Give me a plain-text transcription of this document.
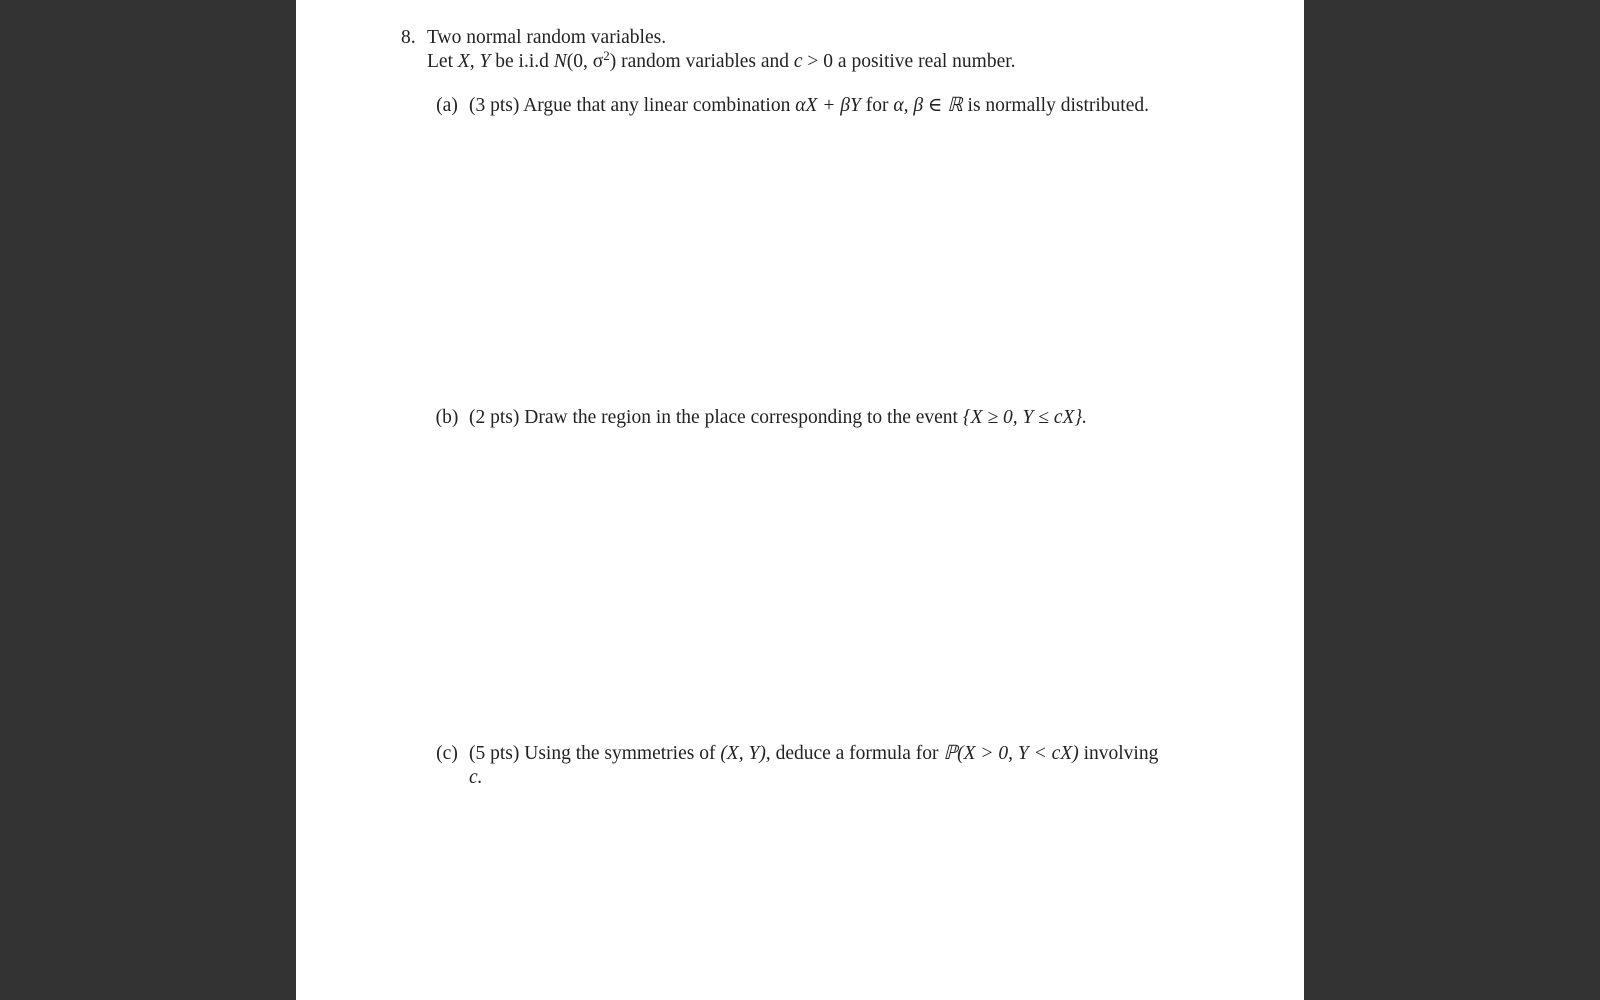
8. Two normal random variables.
Let X, Y be i.i.d N(0, $\sigma^2$) random variables and c > 0 a positive real number.
(a) (3 pts) Argue that any linear combination αX + βY for α, β ∈ ℝ is normally distributed.
(b) (2 pts) Draw the region in the place corresponding to the event {X ≥ 0, Y ≤ cX}.
(c) (5 pts) Using the symmetries of (X, Y), deduce a formula for ℙ(X > 0, Y < cX) involving
c.
